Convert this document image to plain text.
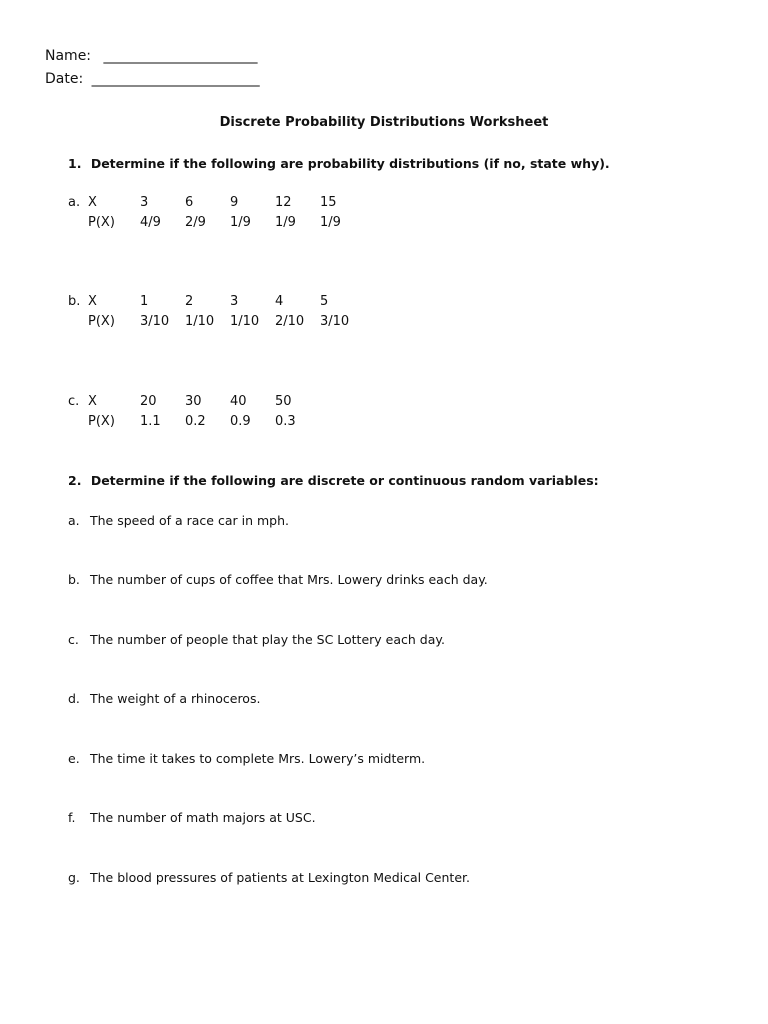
Name: ______________________
Date: ________________________
Discrete Probability Distributions Worksheet
1. Determine if the following are probability distributions (if no, state why).
a.	X	3	6	9	12	15
	P(X)	4/9	2/9	1/9	1/9	1/9
b.	X	1	2	3	4	5
	P(X)	3/10	1/10	1/10	2/10	3/10
c.	X	20	30	40	50
	P(X)	1.1	0.2	0.9	0.3
2. Determine if the following are discrete or continuous random variables:
a. The speed of a race car in mph.
b. The number of cups of coffee that Mrs. Lowery drinks each day.
c. The number of people that play the SC Lottery each day.
d. The weight of a rhinoceros.
e. The time it takes to complete Mrs. Lowery’s midterm.
f. The number of math majors at USC.
g. The blood pressures of patients at Lexington Medical Center.
